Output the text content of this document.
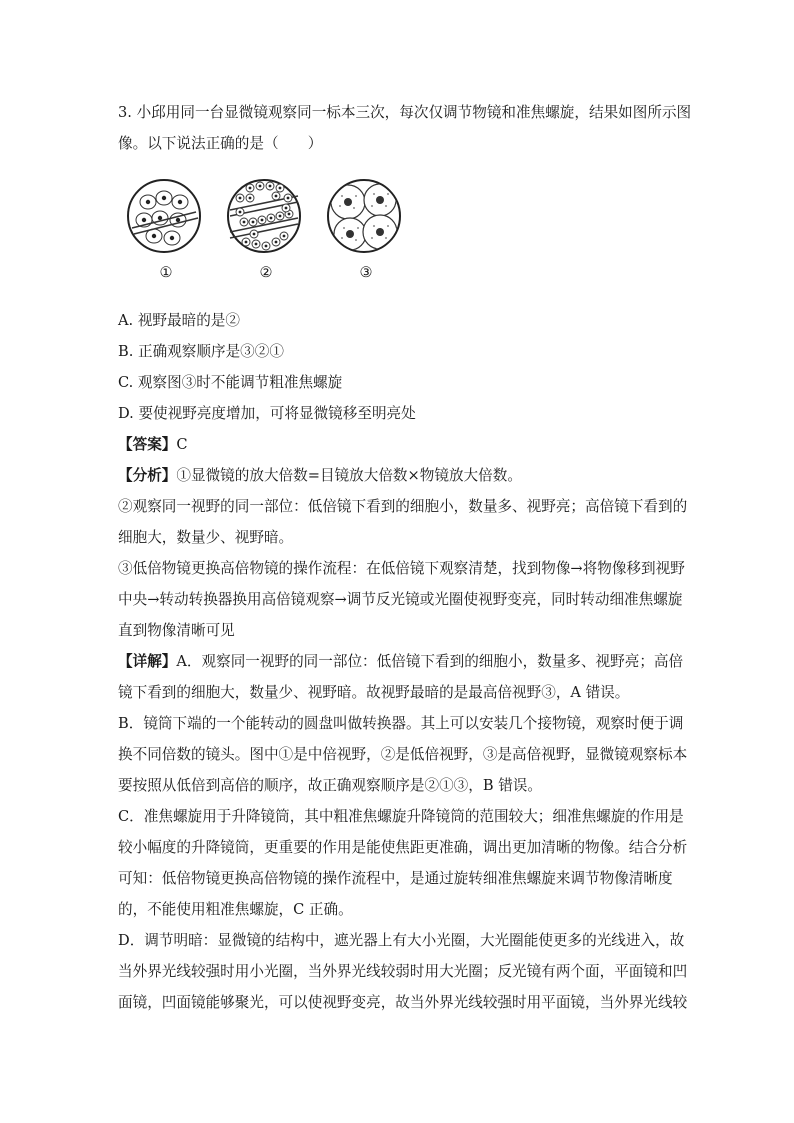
3. 小邱用同一台显微镜观察同一标本三次，每次仅调节物镜和准焦螺旋，结果如图所示图
像。以下说法正确的是（　　）
①	②	③
A. 视野最暗的是②
B. 正确观察顺序是③②①
C. 观察图③时不能调节粗准焦螺旋
D. 要使视野亮度增加，可将显微镜移至明亮处
【答案】C
【分析】①显微镜的放大倍数=目镜放大倍数×物镜放大倍数。
②观察同一视野的同一部位：低倍镜下看到的细胞小，数量多、视野亮；高倍镜下看到的
细胞大，数量少、视野暗。
③低倍物镜更换高倍物镜的操作流程：在低倍镜下观察清楚，找到物像→将物像移到视野
中央→转动转换器换用高倍镜观察→调节反光镜或光圈使视野变亮，同时转动细准焦螺旋
直到物像清晰可见
【详解】A．观察同一视野的同一部位：低倍镜下看到的细胞小，数量多、视野亮；高倍
镜下看到的细胞大，数量少、视野暗。故视野最暗的是最高倍视野③，A 错误。
B．镜筒下端的一个能转动的圆盘叫做转换器。其上可以安装几个接物镜，观察时便于调
换不同倍数的镜头。图中①是中倍视野，②是低倍视野，③是高倍视野，显微镜观察标本
要按照从低倍到高倍的顺序，故正确观察顺序是②①③，B 错误。
C．准焦螺旋用于升降镜筒，其中粗准焦螺旋升降镜筒的范围较大；细准焦螺旋的作用是
较小幅度的升降镜筒，更重要的作用是能使焦距更准确，调出更加清晰的物像。结合分析
可知：低倍物镜更换高倍物镜的操作流程中，是通过旋转细准焦螺旋来调节物像清晰度
的，不能使用粗准焦螺旋，C 正确。
D．调节明暗：显微镜的结构中，遮光器上有大小光圈，大光圈能使更多的光线进入，故
当外界光线较强时用小光圈，当外界光线较弱时用大光圈；反光镜有两个面，平面镜和凹
面镜，凹面镜能够聚光，可以使视野变亮，故当外界光线较强时用平面镜，当外界光线较
